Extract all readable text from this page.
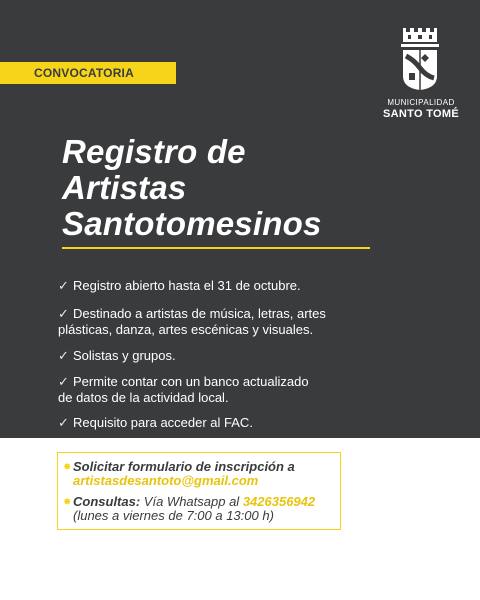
CONVOCATORIA
MUNICIPALIDAD
SANTO TOMÉ
Registro de
Artistas
Santotomesinos
✓ Registro abierto hasta el 31 de octubre.
✓ Destinado a artistas de música, letras, artes
plásticas, danza, artes escénicas y visuales.
✓ Solistas y grupos.
✓ Permite contar con un banco actualizado
de datos de la actividad local.
✓ Requisito para acceder al FAC.
✸ Solicitar formulario de inscripción a
artistasdesantoto@gmail.com
✸ Consultas: Vía Whatsapp al 3426356942
(lunes a viernes de 7:00 a 13:00 h)
